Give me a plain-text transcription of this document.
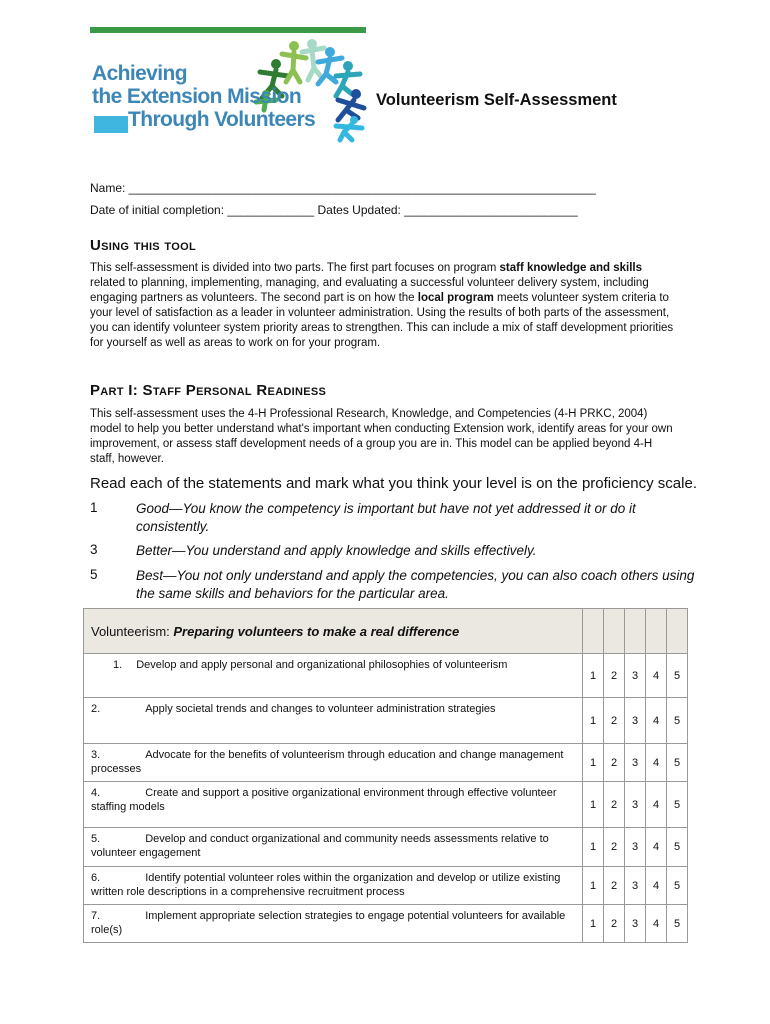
Achieving
the Extension Mission
Through Volunteers
Volunteerism Self-Assessment
Name: ______________________________________________________________________
Date of initial completion: _____________ Dates Updated: __________________________
Using this tool
This self-assessment is divided into two parts. The first part focuses on program staff knowledge and skills related to planning, implementing, managing, and evaluating a successful volunteer delivery system, including engaging partners as volunteers. The second part is on how the local program meets volunteer system criteria to your level of satisfaction as a leader in volunteer administration. Using the results of both parts of the assessment, you can identify volunteer system priority areas to strengthen. This can include a mix of staff development priorities for yourself as well as areas to work on for your program.
Part I: Staff Personal Readiness
This self-assessment uses the 4-H Professional Research, Knowledge, and Competencies (4-H PRKC, 2004) model to help you better understand what's important when conducting Extension work, identify areas for your own improvement, or assess staff development needs of a group you are in. This model can be applied beyond 4-H staff, however.
Read each of the statements and mark what you think your level is on the proficiency scale.
1	Good—You know the competency is important but have not yet addressed it or do it consistently.
3	Better—You understand and apply knowledge and skills effectively.
5	Best—You not only understand and apply the competencies, you can also coach others using the same skills and behaviors for the particular area.
Volunteerism: Preparing volunteers to make a real difference					
1. Develop and apply personal and organizational philosophies of volunteerism	1	2	3	4	5
2. Apply societal trends and changes to volunteer administration strategies	1	2	3	4	5
3. Advocate for the benefits of volunteerism through education and change management processes	1	2	3	4	5
4. Create and support a positive organizational environment through effective volunteer staffing models	1	2	3	4	5
5. Develop and conduct organizational and community needs assessments relative to volunteer engagement	1	2	3	4	5
6. Identify potential volunteer roles within the organization and develop or utilize existing written role descriptions in a comprehensive recruitment process	1	2	3	4	5
7. Implement appropriate selection strategies to engage potential volunteers for available role(s)	1	2	3	4	5
